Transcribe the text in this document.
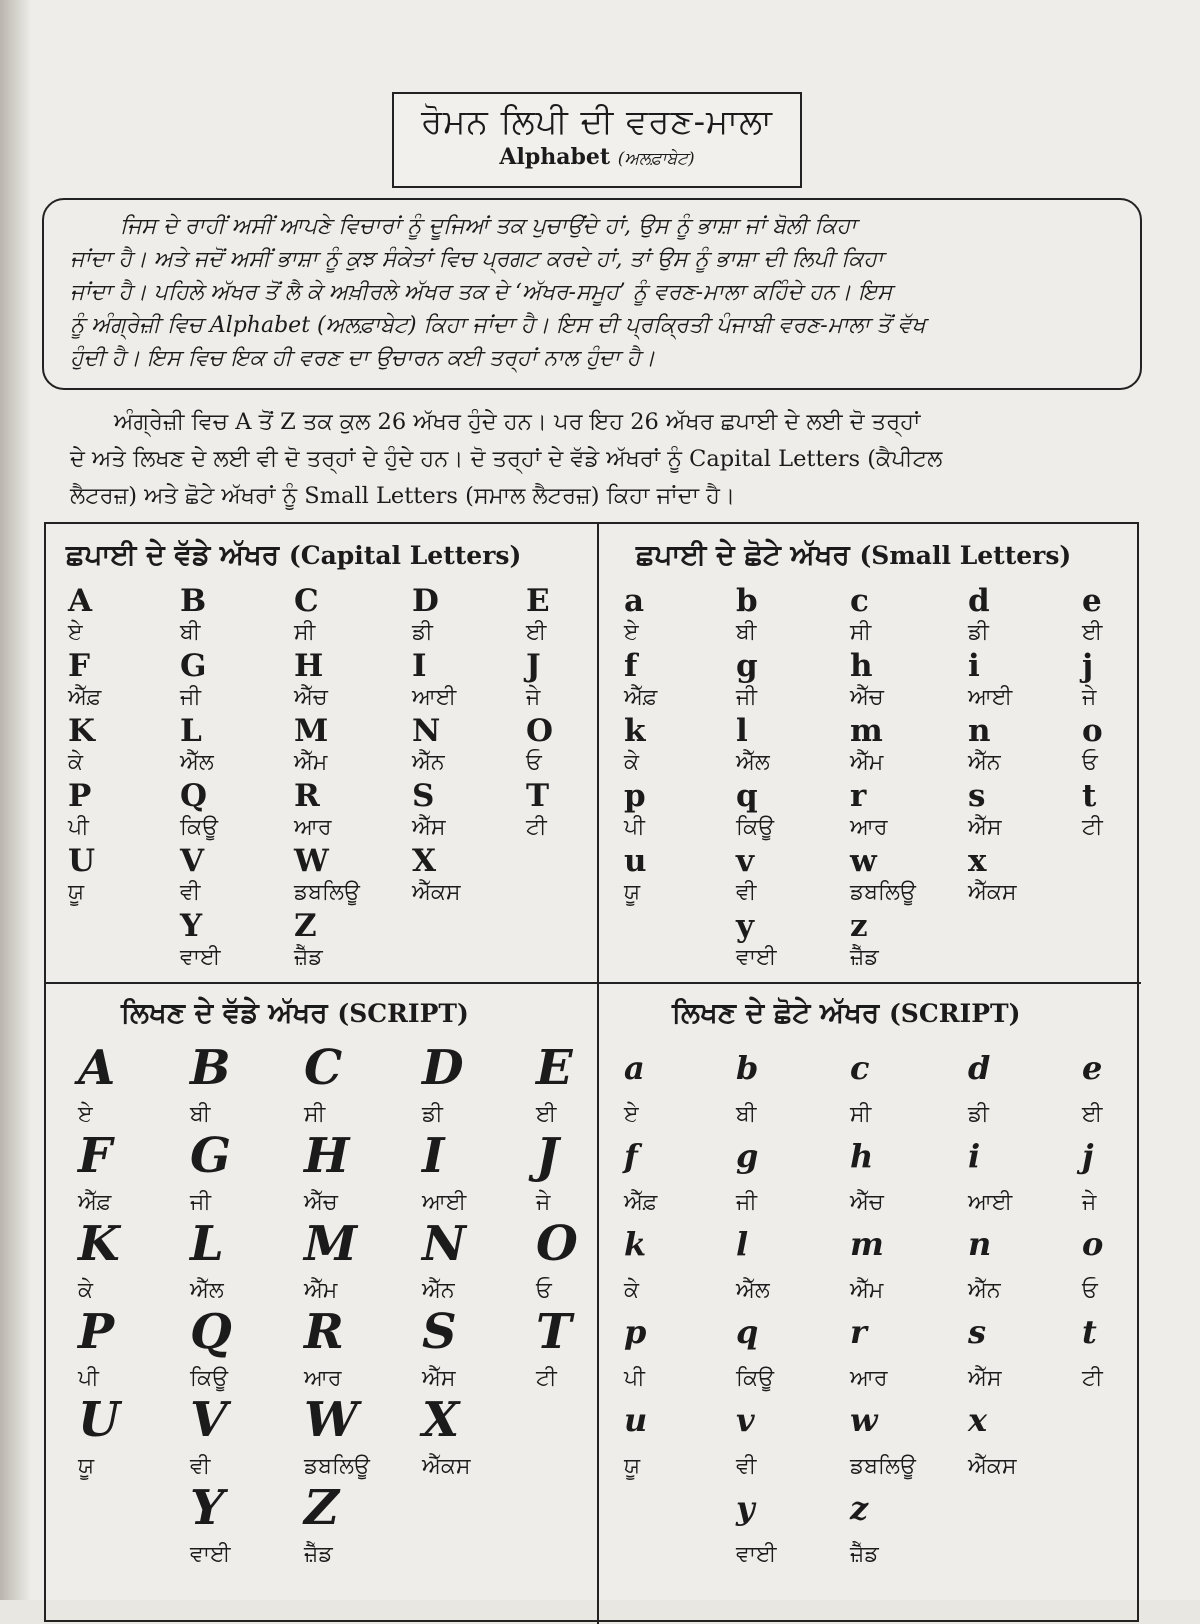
ਰੋਮਨ ਲਿਪੀ ਦੀ ਵਰਣ-ਮਾਲਾ
Alphabet (ਅਲਫ਼ਾਬੇਟ)
ਜਿਸ ਦੇ ਰਾਹੀਂ ਅਸੀਂ ਆਪਣੇ ਵਿਚਾਰਾਂ ਨੂੰ ਦੂਜਿਆਂ ਤਕ ਪੁਚਾਉਂਦੇ ਹਾਂ, ਉਸ ਨੂੰ ਭਾਸ਼ਾ ਜਾਂ ਬੋਲੀ ਕਿਹਾ
ਜਾਂਦਾ ਹੈ। ਅਤੇ ਜਦੋਂ ਅਸੀਂ ਭਾਸ਼ਾ ਨੂੰ ਕੁਝ ਸੰਕੇਤਾਂ ਵਿਚ ਪ੍ਰਗਟ ਕਰਦੇ ਹਾਂ, ਤਾਂ ਉਸ ਨੂੰ ਭਾਸ਼ਾ ਦੀ ਲਿਪੀ ਕਿਹਾ
ਜਾਂਦਾ ਹੈ। ਪਹਿਲੇ ਅੱਖਰ ਤੋਂ ਲੈ ਕੇ ਅਖ਼ੀਰਲੇ ਅੱਖਰ ਤਕ ਦੇ ‘ਅੱਖਰ-ਸਮੂਹ’ ਨੂੰ ਵਰਣ-ਮਾਲਾ ਕਹਿੰਦੇ ਹਨ। ਇਸ
ਨੂੰ ਅੰਗ੍ਰੇਜ਼ੀ ਵਿਚ Alphabet (ਅਲਫ਼ਾਬੇਟ) ਕਿਹਾ ਜਾਂਦਾ ਹੈ। ਇਸ ਦੀ ਪ੍ਰਕ੍ਰਿਤੀ ਪੰਜਾਬੀ ਵਰਣ-ਮਾਲਾ ਤੋਂ ਵੱਖ
ਹੁੰਦੀ ਹੈ। ਇਸ ਵਿਚ ਇਕ ਹੀ ਵਰਣ ਦਾ ਉਚਾਰਨ ਕਈ ਤਰ੍ਹਾਂ ਨਾਲ ਹੁੰਦਾ ਹੈ।
ਅੰਗ੍ਰੇਜ਼ੀ ਵਿਚ A ਤੋਂ Z ਤਕ ਕੁਲ 26 ਅੱਖਰ ਹੁੰਦੇ ਹਨ। ਪਰ ਇਹ 26 ਅੱਖਰ ਛਪਾਈ ਦੇ ਲਈ ਦੋ ਤਰ੍ਹਾਂ
ਦੇ ਅਤੇ ਲਿਖਣ ਦੇ ਲਈ ਵੀ ਦੋ ਤਰ੍ਹਾਂ ਦੇ ਹੁੰਦੇ ਹਨ। ਦੋ ਤਰ੍ਹਾਂ ਦੇ ਵੱਡੇ ਅੱਖਰਾਂ ਨੂੰ Capital Letters (ਕੈਪੀਟਲ
ਲੈਟਰਜ਼) ਅਤੇ ਛੋਟੇ ਅੱਖਰਾਂ ਨੂੰ Small Letters (ਸਮਾਲ ਲੈਟਰਜ਼) ਕਿਹਾ ਜਾਂਦਾ ਹੈ।
ਛਪਾਈ ਦੇ ਵੱਡੇ ਅੱਖਰ (Capital Letters)	ਛਪਾਈ ਦੇ ਛੋਟੇ ਅੱਖਰ (Small Letters)
ਲਿਖਣ ਦੇ ਵੱਡੇ ਅੱਖਰ (SCRIPT)	ਲਿਖਣ ਦੇ ਛੋਟੇ ਅੱਖਰ (SCRIPT)
A
ਏ
B
ਬੀ
C
ਸੀ
D
ਡੀ
E
ਈ
F
ਐੱਫ਼
G
ਜੀ
H
ਐੱਚ
I
ਆਈ
J
ਜੇ
K
ਕੇ
L
ਐੱਲ
M
ਐੱਮ
N
ਐੱਨ
O
ਓ
P
ਪੀ
Q
ਕਿਊ
R
ਆਰ
S
ਐੱਸ
T
ਟੀ
U
ਯੂ
V
ਵੀ
W
ਡਬਲਿਊ
X
ਐੱਕਸ
Y
ਵਾਈ
Z
ਜ਼ੈੱਡ
a
ਏ
b
ਬੀ
c
ਸੀ
d
ਡੀ
e
ਈ
f
ਐੱਫ਼
g
ਜੀ
h
ਐੱਚ
i
ਆਈ
j
ਜੇ
k
ਕੇ
l
ਐੱਲ
m
ਐੱਮ
n
ਐੱਨ
o
ਓ
p
ਪੀ
q
ਕਿਊ
r
ਆਰ
s
ਐੱਸ
t
ਟੀ
u
ਯੂ
v
ਵੀ
w
ਡਬਲਿਊ
x
ਐੱਕਸ
y
ਵਾਈ
z
ਜ਼ੈੱਡ
A
ਏ
B
ਬੀ
C
ਸੀ
D
ਡੀ
E
ਈ
F
ਐੱਫ਼
G
ਜੀ
H
ਐੱਚ
I
ਆਈ
J
ਜੇ
K
ਕੇ
L
ਐੱਲ
M
ਐੱਮ
N
ਐੱਨ
O
ਓ
P
ਪੀ
Q
ਕਿਊ
R
ਆਰ
S
ਐੱਸ
T
ਟੀ
U
ਯੂ
V
ਵੀ
W
ਡਬਲਿਊ
X
ਐੱਕਸ
Y
ਵਾਈ
Z
ਜ਼ੈੱਡ
a
ਏ
b
ਬੀ
c
ਸੀ
d
ਡੀ
e
ਈ
f
ਐੱਫ਼
g
ਜੀ
h
ਐੱਚ
i
ਆਈ
j
ਜੇ
k
ਕੇ
l
ਐੱਲ
m
ਐੱਮ
n
ਐੱਨ
o
ਓ
p
ਪੀ
q
ਕਿਊ
r
ਆਰ
s
ਐੱਸ
t
ਟੀ
u
ਯੂ
v
ਵੀ
w
ਡਬਲਿਊ
x
ਐੱਕਸ
y
ਵਾਈ
z
ਜ਼ੈੱਡ
